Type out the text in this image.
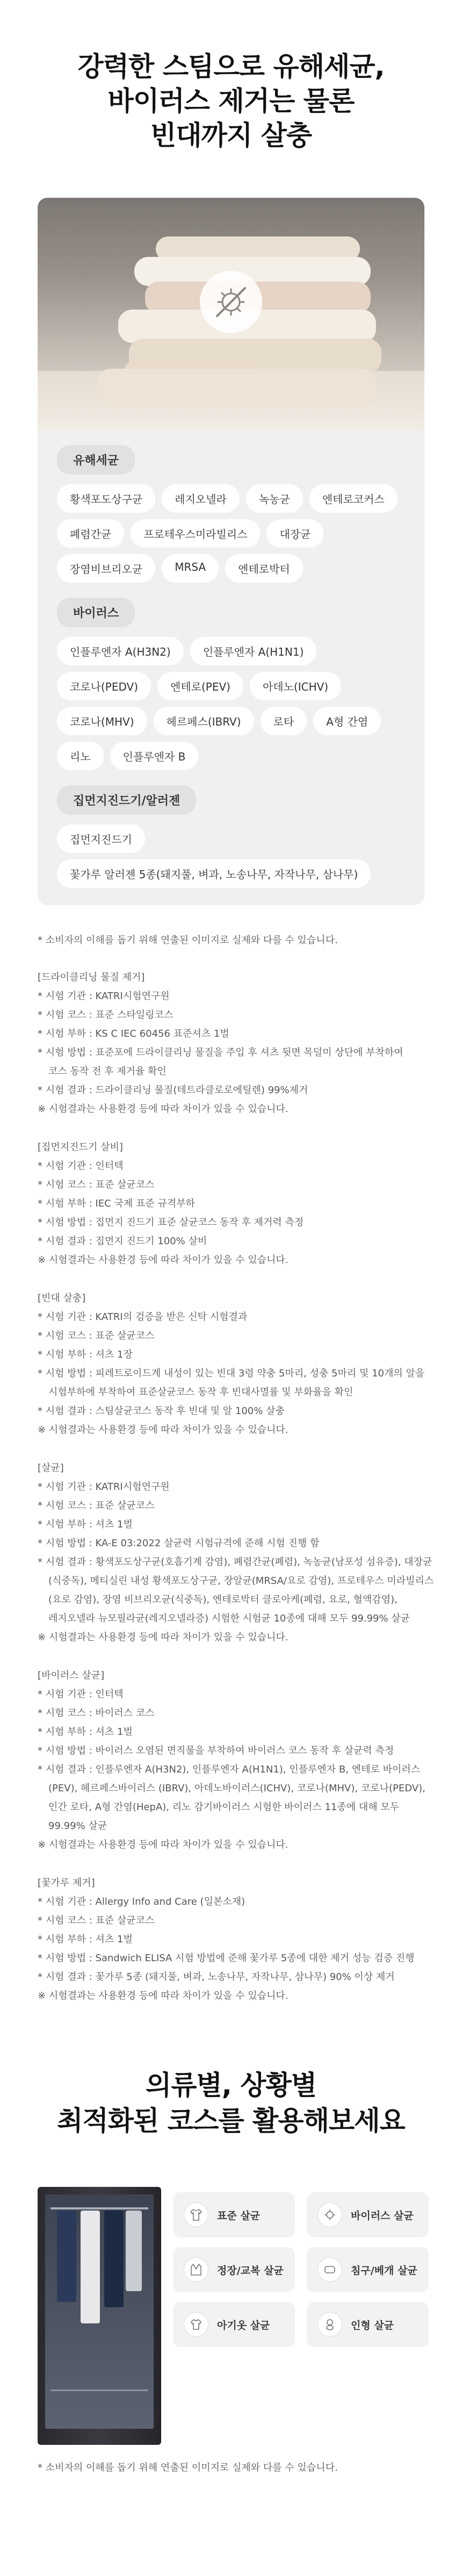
강력한 스팀으로 유해세균,
바이러스 제거는 물론
빈대까지 살충
유해세균
황색포도상구균	레지오넬라	녹농균	엔테로코커스
폐렴간균	프로테우스미라빌리스	대장균
장염비브리오균	MRSA	엔테로박터
바이러스
인플루엔자 A(H3N2)	인플루엔자 A(H1N1)
코로나(PEDV)	엔테로(PEV)	아데노(ICHV)
코로나(MHV)	헤르페스(IBRV)	로타	A형 간염
리노	인플루엔자 B
집먼지진드기/알러젠
집먼지진드기
꽃가루 알러젠 5종(돼지풀, 벼과, 노송나무, 자작나무, 삼나무)
* 소비자의 이해를 돕기 위해 연출된 이미지로 실제와 다를 수 있습니다.
[드라이클리닝 물질 제거]
* 시험 기관 : KATRI시험연구원
* 시험 코스 : 표준 스타일링코스
* 시험 부하 : KS C IEC 60456 표준셔츠 1벌
* 시험 방법 : 표준포에 드라이클리닝 물질을 주입 후 셔츠 뒷면 목덜미 상단에 부착하여
코스 동작 전 후 제거율 확인
* 시험 결과 : 드라이클리닝 물질(테트라클로로에틸렌) 99%제거
※ 시험결과는 사용환경 등에 따라 차이가 있을 수 있습니다.
[집먼지진드기 살비]
* 시험 기관 : 인터텍
* 시험 코스 : 표준 살균코스
* 시험 부하 : IEC 국제 표준 규격부하
* 시험 방법 : 집먼지 진드기 표준 살균코스 동작 후 제거력 측정
* 시험 결과 : 집먼지 진드기 100% 살비
※ 시험결과는 사용환경 등에 따라 차이가 있을 수 있습니다.
[빈대 살충]
* 시험 기관 : KATRI의 검증을 받은 신탁 시험결과
* 시험 코스 : 표준 살균코스
* 시험 부하 : 셔츠 1장
* 시험 방법 : 피레트로이드계 내성이 있는 빈대 3령 약충 5마리, 성충 5마리 및 10개의 알을
시험부하에 부착하여 표준살균코스 동작 후 빈대사멸률 및 부화율을 확인
* 시험 결과 : 스팀살균코스 동작 후 빈대 및 알 100% 살충
※ 시험결과는 사용환경 등에 따라 차이가 있을 수 있습니다.
[살균]
* 시험 기관 : KATRI시험연구원
* 시험 코스 : 표준 살균코스
* 시험 부하 : 셔츠 1벌
* 시험 방법 : KA-E 03:2022 살균력 시험규격에 준해 시험 진행 함
* 시험 결과 : 황색포도상구균(호흡기계 감염), 폐렴간균(폐렴), 녹농균(남포성 섬유증), 대장균
(식중독), 메티실린 내성 황색포도상구균, 장알균(MRSA/요로 감염), 프로테우스 미라빌리스
(요로 감염), 장염 비브리오균(식중독), 엔테로박터 클로아케(폐렴, 요로, 혈액감염),
레지오넬라 뉴모필라균(레지오넬라증) 시험한 시험균 10종에 대해 모두 99.99% 살균
※ 시험결과는 사용환경 등에 따라 차이가 있을 수 있습니다.
[바이러스 살균]
* 시험 기관 : 인터텍
* 시험 코스 : 바이러스 코스
* 시험 부하 : 셔츠 1벌
* 시험 방법 : 바이러스 오염된 면직물을 부착하여 바이러스 코스 동작 후 살균력 측정
* 시험 결과 : 인플루엔자 A(H3N2), 인플루엔자 A(H1N1), 인플루엔자 B, 엔테로 바이러스
(PEV), 헤르페스바이러스 (IBRV), 아데노바이러스(ICHV), 코로나(MHV), 코로나(PEDV),
인간 로타, A형 간염(HepA), 리노 감기바이러스 시험한 바이러스 11종에 대해 모두
99.99% 살균
※ 시험결과는 사용환경 등에 따라 차이가 있을 수 있습니다.
[꽃가루 제거]
* 시험 기관 : Allergy Info and Care (일본소재)
* 시험 코스 : 표준 살균코스
* 시험 부하 : 셔츠 1벌
* 시험 방법 : Sandwich ELISA 시험 방법에 준해 꽃가루 5종에 대한 제거 성능 검증 진행
* 시험 결과 : 꽃가루 5종 (돼지풀, 벼과, 노송나무, 자작나무, 삼나무) 90% 이상 제거
※ 시험결과는 사용환경 등에 따라 차이가 있을 수 있습니다.
의류별, 상황별
최적화된 코스를 활용해보세요
표준 살균	바이러스 살균
정장/교복 살균	침구/베개 살균
아기옷 살균	인형 살균
* 소비자의 이해를 돕기 위해 연출된 이미지로 실제와 다를 수 있습니다.
